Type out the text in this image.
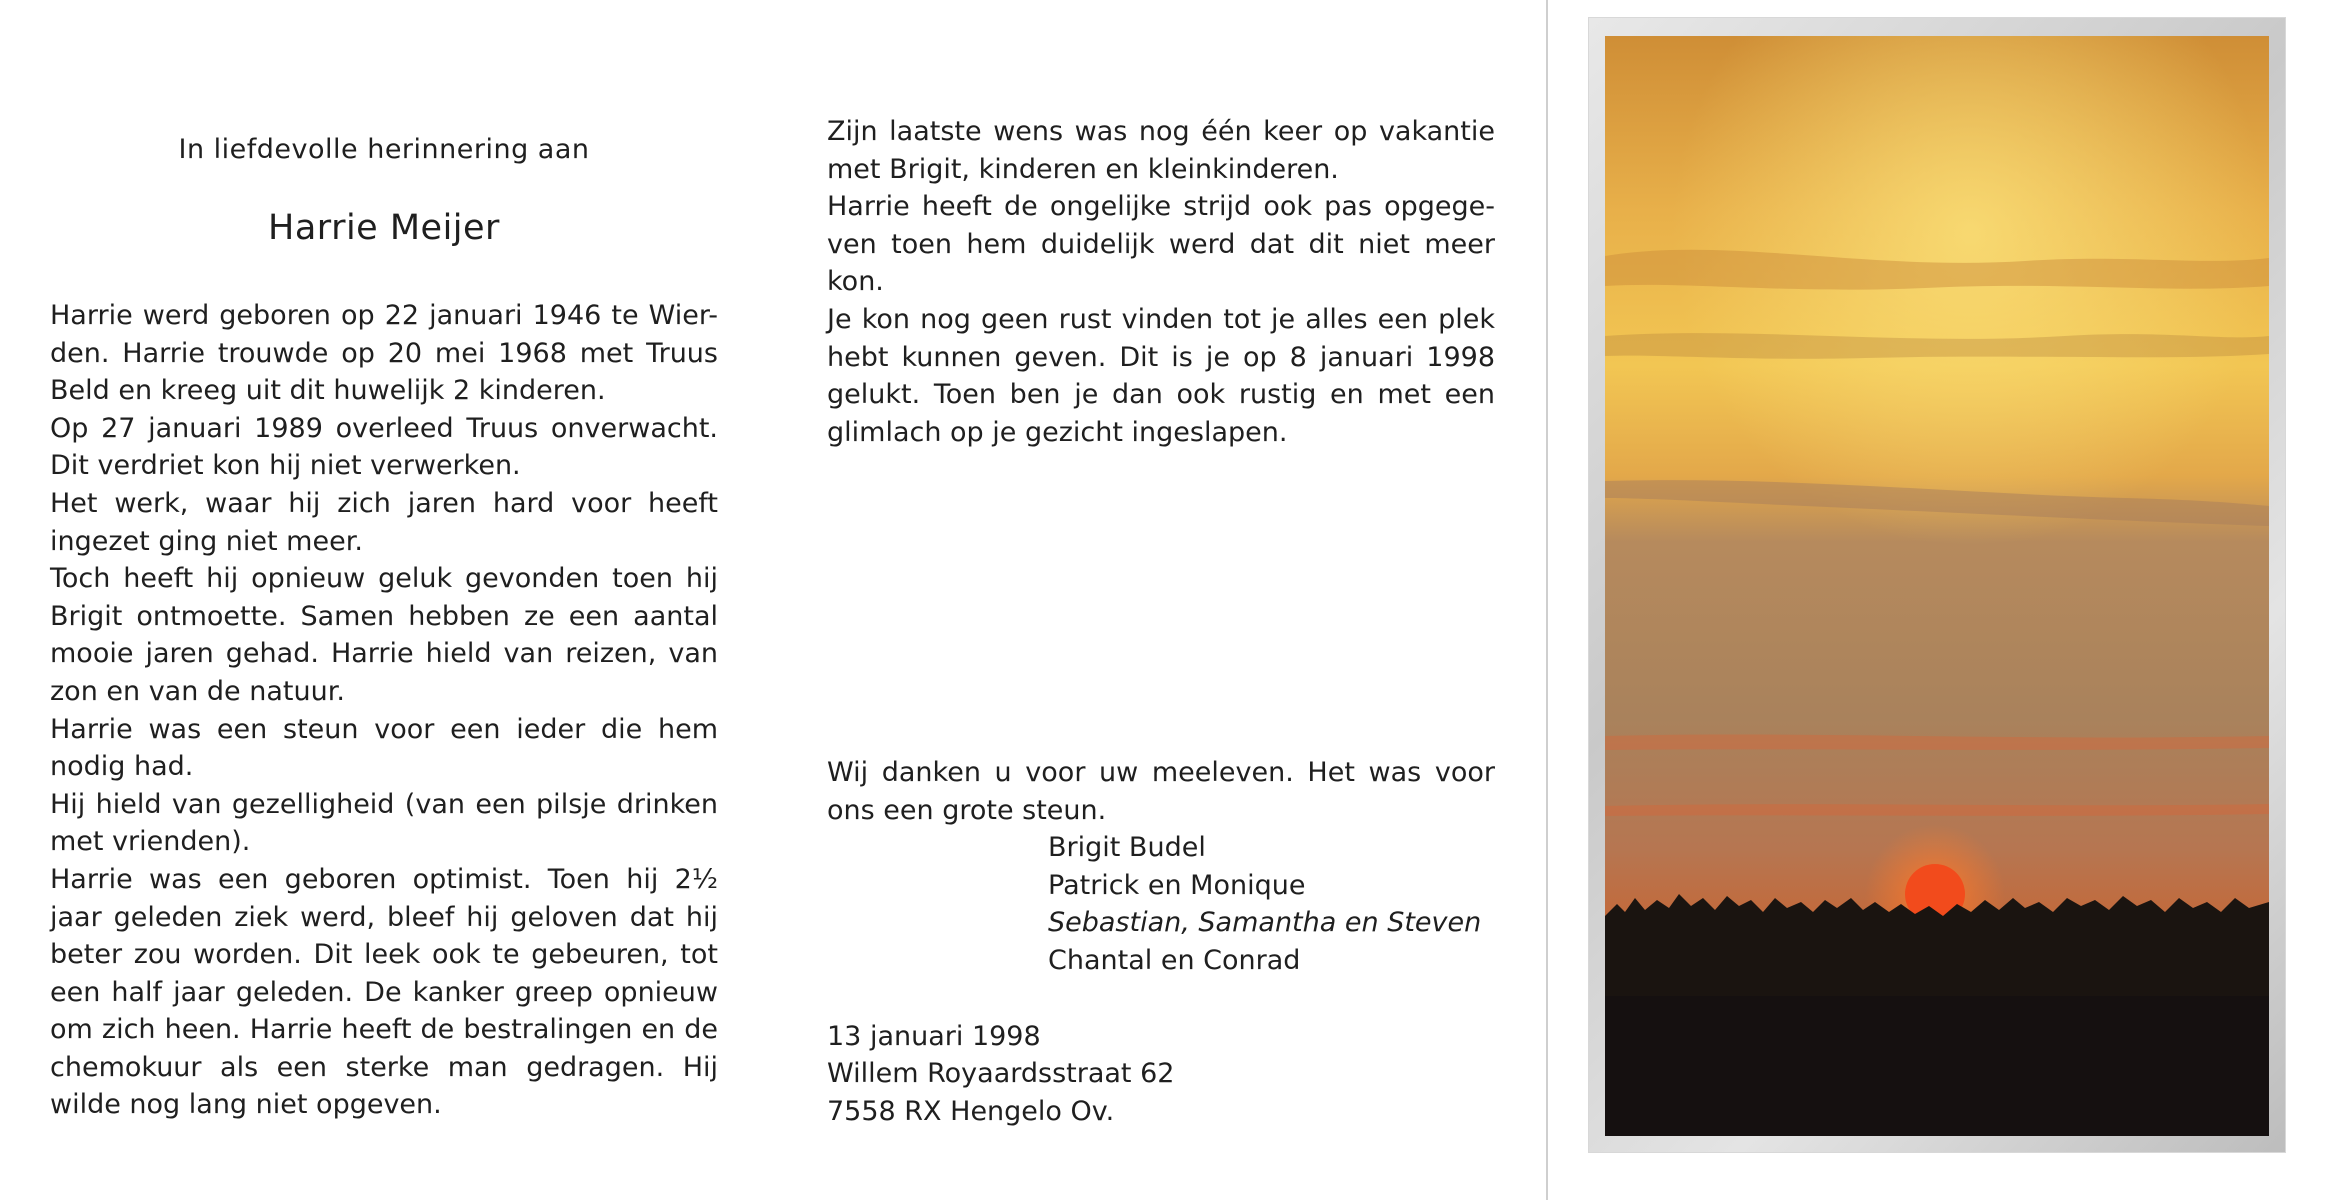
In liefdevolle herinnering aan
Harrie Meijer

Harrie werd geboren op 22 januari 1946 te Wier-den. Harrie trouwde op 20 mei 1968 met Truus Beld en kreeg uit dit huwelijk 2 kinderen.

Op 27 januari 1989 overleed Truus onverwacht. Dit verdriet kon hij niet verwerken.

Het werk, waar hij zich jaren hard voor heeft ingezet ging niet meer.

Toch heeft hij opnieuw geluk gevonden toen hij Brigit ontmoette. Samen hebben ze een aantal mooie jaren gehad. Harrie hield van reizen, van zon en van de natuur.

Harrie was een steun voor een ieder die hem nodig had.

Hij hield van gezelligheid (van een pilsje drinken met vrienden).

Harrie was een geboren optimist. Toen hij 2½ jaar geleden ziek werd, bleef hij geloven dat hij beter zou worden. Dit leek ook te gebeuren, tot een half jaar geleden. De kanker greep opnieuw om zich heen. Harrie heeft de bestralingen en de chemokuur als een sterke man gedragen. Hij wilde nog lang niet opgeven.

Zijn laatste wens was nog één keer op vakantie met Brigit, kinderen en kleinkinderen.

Harrie heeft de ongelijke strijd ook pas opgege-ven toen hem duidelijk werd dat dit niet meer kon.

Je kon nog geen rust vinden tot je alles een plek hebt kunnen geven. Dit is je op 8 januari 1998 gelukt. Toen ben je dan ook rustig en met een glimlach op je gezicht ingeslapen.

Wij danken u voor uw meeleven. Het was voor ons een grote steun.

Brigit Budel

Patrick en Monique

Sebastian, Samantha en Steven

Chantal en Conrad

13 januari 1998

Willem Royaardsstraat 62

7558 RX Hengelo Ov.
